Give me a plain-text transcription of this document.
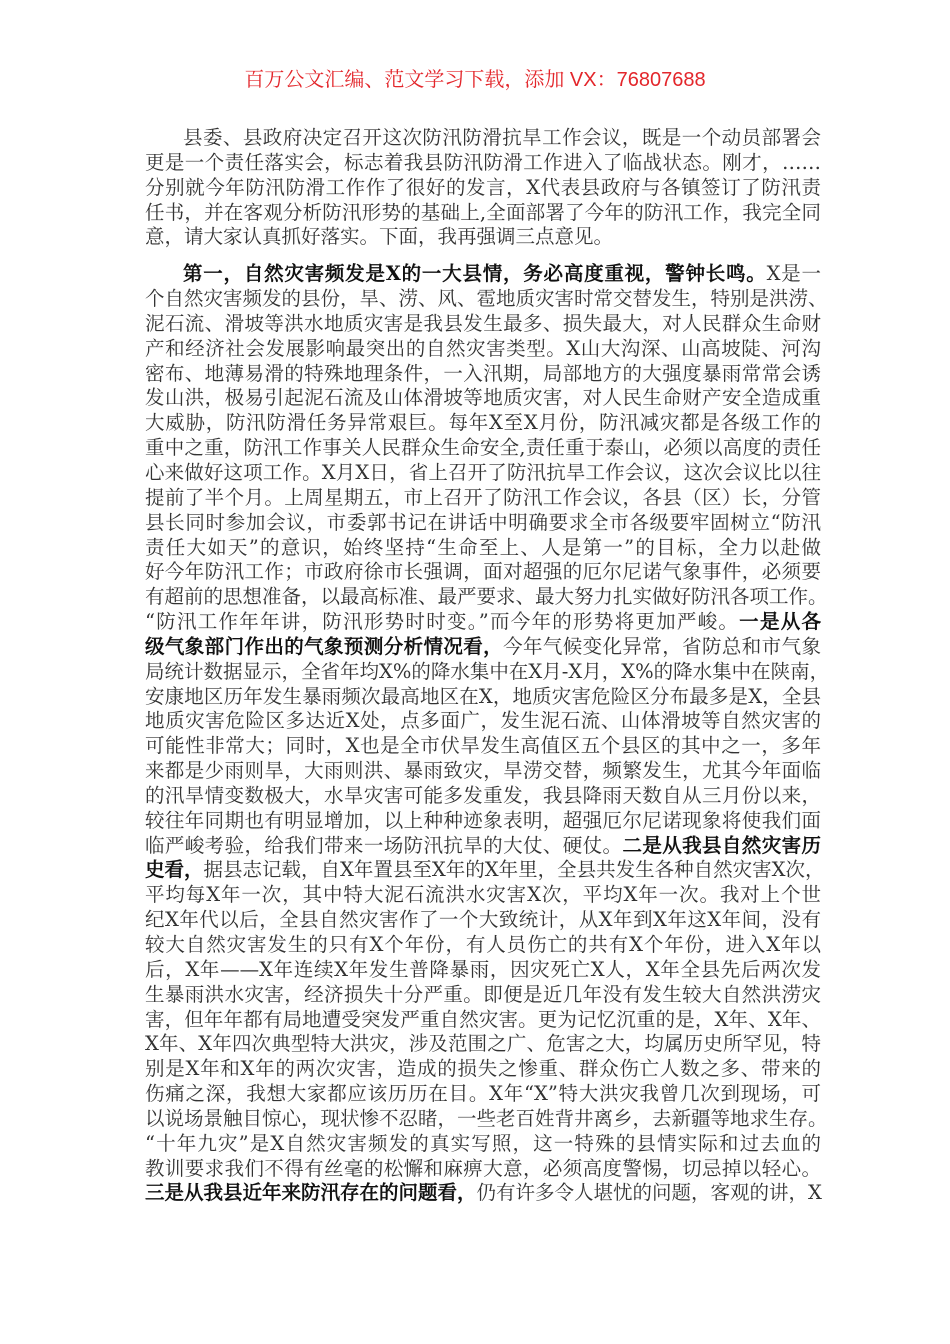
百万公文汇编、范文学习下载，添加 VX：76807688
县委、县政府决定召开这次防汛防滑抗旱工作会议，既是一个动员部署会
更是一个责任落实会，标志着我县防汛防滑工作进入了临战状态。刚才，……
分别就今年防汛防滑工作作了很好的发言，X代表县政府与各镇签订了防汛责
任书，并在客观分析防汛形势的基础上,全面部署了今年的防汛工作，我完全同
意，请大家认真抓好落实。下面，我再强调三点意见。
第一，自然灾害频发是X的一大县情，务必高度重视，警钟长鸣。X是一
个自然灾害频发的县份，旱、涝、风、雹地质灾害时常交替发生，特别是洪涝、
泥石流、滑坡等洪水地质灾害是我县发生最多、损失最大，对人民群众生命财
产和经济社会发展影响最突出的自然灾害类型。X山大沟深、山高坡陡、河沟
密布、地薄易滑的特殊地理条件，一入汛期，局部地方的大强度暴雨常常会诱
发山洪，极易引起泥石流及山体滑坡等地质灾害，对人民生命财产安全造成重
大威胁，防汛防滑任务异常艰巨。每年X至X月份，防汛减灾都是各级工作的
重中之重，防汛工作事关人民群众生命安全,责任重于泰山，必须以高度的责任
心来做好这项工作。X月X日，省上召开了防汛抗旱工作会议，这次会议比以往
提前了半个月。上周星期五，市上召开了防汛工作会议，各县（区）长，分管
县长同时参加会议，市委郭书记在讲话中明确要求全市各级要牢固树立“防汛
责任大如天”的意识，始终坚持“生命至上、人是第一”的目标，全力以赴做
好今年防汛工作；市政府徐市长强调，面对超强的厄尔尼诺气象事件，必须要
有超前的思想准备，以最高标准、最严要求、最大努力扎实做好防汛各项工作。
“防汛工作年年讲，防汛形势时时变。”而今年的形势将更加严峻。一是从各
级气象部门作出的气象预测分析情况看，今年气候变化异常，省防总和市气象
局统计数据显示，全省年均X%的降水集中在X月-X月，X%的降水集中在陕南，
安康地区历年发生暴雨频次最高地区在X，地质灾害危险区分布最多是X，全县
地质灾害危险区多达近X处，点多面广，发生泥石流、山体滑坡等自然灾害的
可能性非常大；同时，X也是全市伏旱发生高值区五个县区的其中之一，多年
来都是少雨则旱，大雨则洪、暴雨致灾，旱涝交替，频繁发生，尤其今年面临
的汛旱情变数极大，水旱灾害可能多发重发，我县降雨天数自从三月份以来，
较往年同期也有明显增加，以上种种迹象表明，超强厄尔尼诺现象将使我们面
临严峻考验，给我们带来一场防汛抗旱的大仗、硬仗。二是从我县自然灾害历
史看，据县志记载，自X年置县至X年的X年里，全县共发生各种自然灾害X次，
平均每X年一次，其中特大泥石流洪水灾害X次，平均X年一次。我对上个世
纪X年代以后，全县自然灾害作了一个大致统计，从X年到X年这X年间，没有
较大自然灾害发生的只有X个年份，有人员伤亡的共有X个年份，进入X年以
后，X年——X年连续X年发生普降暴雨，因灾死亡X人，X年全县先后两次发
生暴雨洪水灾害，经济损失十分严重。即便是近几年没有发生较大自然洪涝灾
害，但年年都有局地遭受突发严重自然灾害。更为记忆沉重的是，X年、X年、
X年、X年四次典型特大洪灾，涉及范围之广、危害之大，均属历史所罕见，特
别是X年和X年的两次灾害，造成的损失之惨重、群众伤亡人数之多、带来的
伤痛之深，我想大家都应该历历在目。X年“X”特大洪灾我曾几次到现场，可
以说场景触目惊心，现状惨不忍睹，一些老百姓背井离乡，去新疆等地求生存。
“十年九灾”是X自然灾害频发的真实写照，这一特殊的县情实际和过去血的
教训要求我们不得有丝毫的松懈和麻痹大意，必须高度警惕，切忌掉以轻心。
三是从我县近年来防汛存在的问题看，仍有许多令人堪忧的问题，客观的讲，X
